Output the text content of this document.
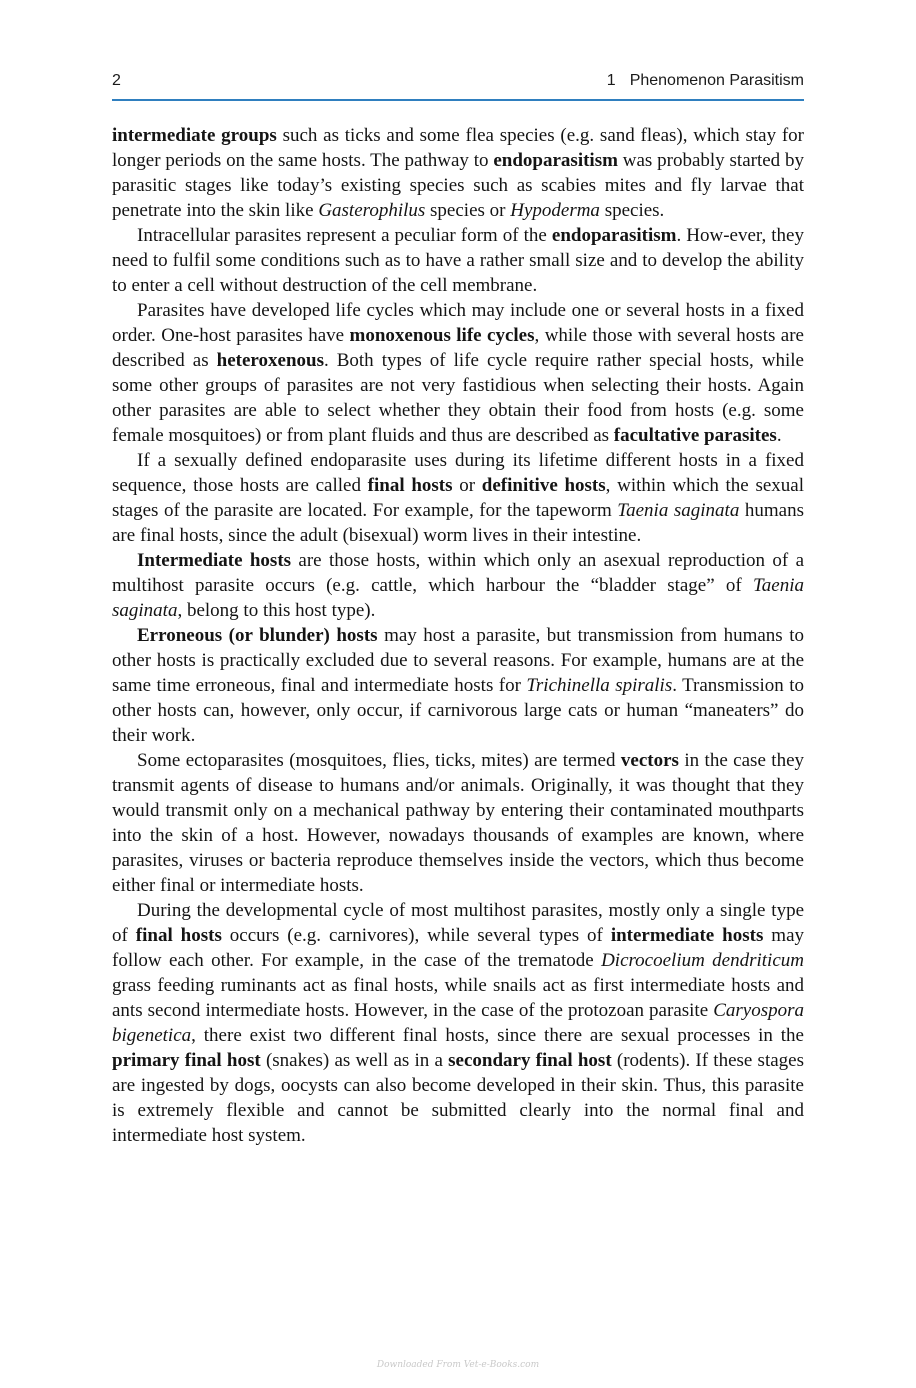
2	1 Phenomenon Parasitism

intermediate groups such as ticks and some flea species (e.g. sand fleas), which stay for longer periods on the same hosts. The pathway to endoparasitism was probably started by parasitic stages like today’s existing species such as scabies mites and fly larvae that penetrate into the skin like Gasterophilus species or Hypoderma species.

Intracellular parasites represent a peculiar form of the endoparasitism. How-ever, they need to fulfil some conditions such as to have a rather small size and to develop the ability to enter a cell without destruction of the cell membrane.

Parasites have developed life cycles which may include one or several hosts in a fixed order. One-host parasites have monoxenous life cycles, while those with several hosts are described as heteroxenous. Both types of life cycle require rather special hosts, while some other groups of parasites are not very fastidious when selecting their hosts. Again other parasites are able to select whether they obtain their food from hosts (e.g. some female mosquitoes) or from plant fluids and thus are described as facultative parasites.

If a sexually defined endoparasite uses during its lifetime different hosts in a fixed sequence, those hosts are called final hosts or definitive hosts, within which the sexual stages of the parasite are located. For example, for the tapeworm Taenia saginata humans are final hosts, since the adult (bisexual) worm lives in their intestine.

Intermediate hosts are those hosts, within which only an asexual reproduction of a multihost parasite occurs (e.g. cattle, which harbour the “bladder stage” of Taenia saginata, belong to this host type).

Erroneous (or blunder) hosts may host a parasite, but transmission from humans to other hosts is practically excluded due to several reasons. For example, humans are at the same time erroneous, final and intermediate hosts for Trichinella spiralis. Transmission to other hosts can, however, only occur, if carnivorous large cats or human “maneaters” do their work.

Some ectoparasites (mosquitoes, flies, ticks, mites) are termed vectors in the case they transmit agents of disease to humans and/or animals. Originally, it was thought that they would transmit only on a mechanical pathway by entering their contaminated mouthparts into the skin of a host. However, nowadays thousands of examples are known, where parasites, viruses or bacteria reproduce themselves inside the vectors, which thus become either final or intermediate hosts.

During the developmental cycle of most multihost parasites, mostly only a single type of final hosts occurs (e.g. carnivores), while several types of intermediate hosts may follow each other. For example, in the case of the trematode Dicrocoelium dendriticum grass feeding ruminants act as final hosts, while snails act as first intermediate hosts and ants second intermediate hosts. However, in the case of the protozoan parasite Caryospora bigenetica, there exist two different final hosts, since there are sexual processes in the primary final host (snakes) as well as in a secondary final host (rodents). If these stages are ingested by dogs, oocysts can also become developed in their skin. Thus, this parasite is extremely flexible and cannot be submitted clearly into the normal final and intermediate host system.

Downloaded From Vet-e-Books.com
